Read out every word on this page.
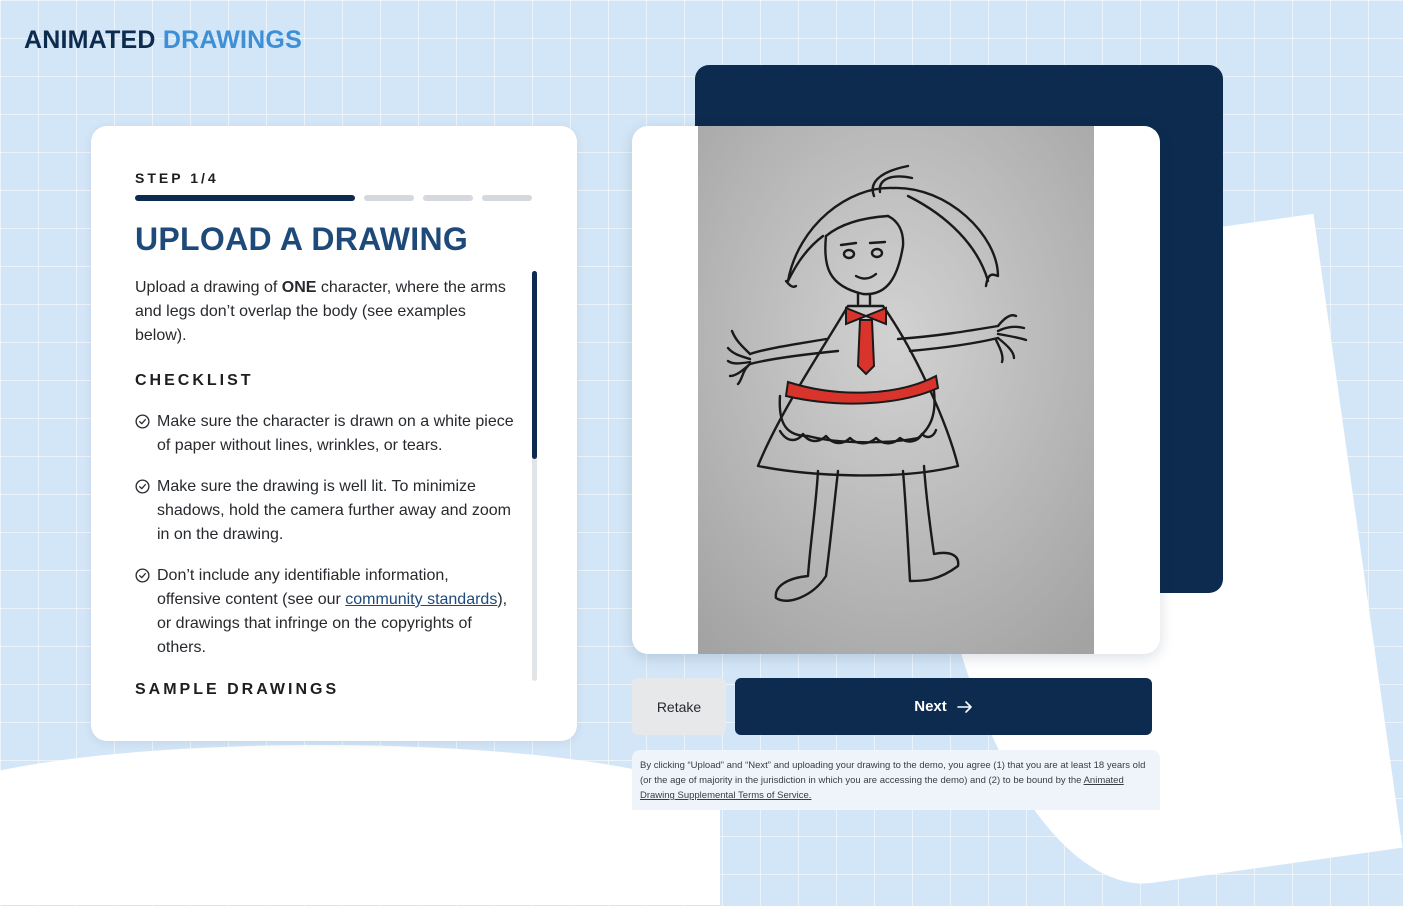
ANIMATED DRAWINGS
STEP 1/4
UPLOAD A DRAWING

Upload a drawing of ONE character, where the arms and legs don’t overlap the body (see examples below).

CHECKLIST
Make sure the character is drawn on a white piece of paper without lines, wrinkles, or tears.
Make sure the drawing is well lit. To minimize shadows, hold the camera further away and zoom in on the drawing.
Don’t include any identifiable information, offensive content (see our community standards), or drawings that infringe on the copyrights of others.
SAMPLE DRAWINGS
Retake	Next
By clicking “Upload” and “Next” and uploading your drawing to the demo, you agree (1) that you are at least 18 years old (or the age of majority in the jurisdiction in which you are accessing the demo) and (2) to be bound by the Animated Drawing Supplemental Terms of Service.
